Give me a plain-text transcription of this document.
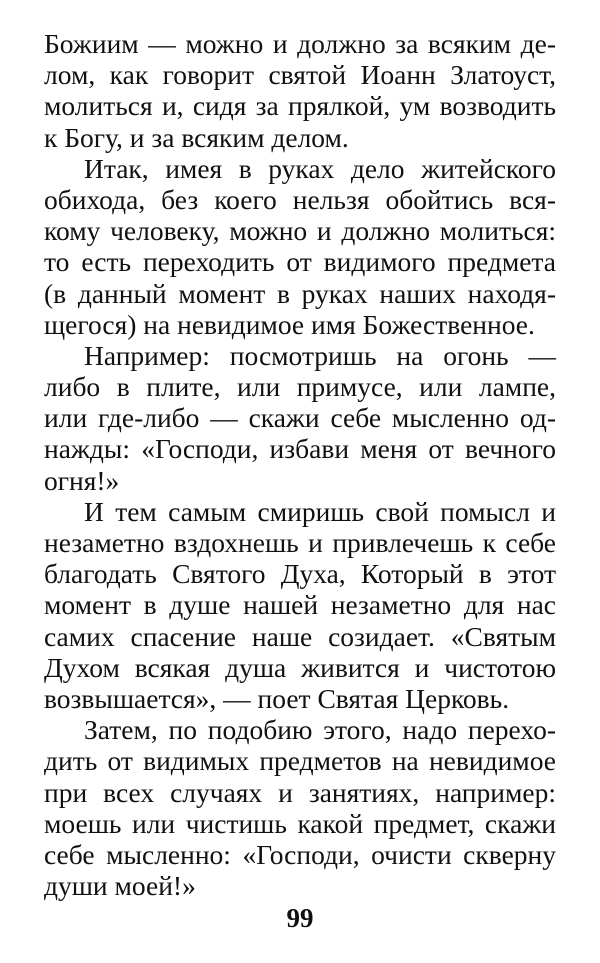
Божиим — можно и должно за всяким де-
лом, как говорит святой Иоанн Златоуст,
молиться и, сидя за прялкой, ум возводить
к Богу, и за всяким делом.
Итак, имея в руках дело житейского
обихода, без коего нельзя обойтись вся-
кому человеку, можно и должно молиться:
то есть переходить от видимого предмета
(в данный момент в руках наших находя-
щегося) на невидимое имя Божественное.
Например: посмотришь на огонь —
либо в плите, или примусе, или лампе,
или где-либо — скажи себе мысленно од-
нажды: «Господи, избави меня от вечного
огня!»
И тем самым смиришь свой помысл и
незаметно вздохнешь и привлечешь к себе
благодать Святого Духа, Который в этот
момент в душе нашей незаметно для нас
самих спасение наше созидает. «Святым
Духом всякая душа живится и чистотою
возвышается», — поет Святая Церковь.
Затем, по подобию этого, надо перехо-
дить от видимых предметов на невидимое
при всех случаях и занятиях, например:
моешь или чистишь какой предмет, скажи
себе мысленно: «Господи, очисти скверну
души моей!»
99
